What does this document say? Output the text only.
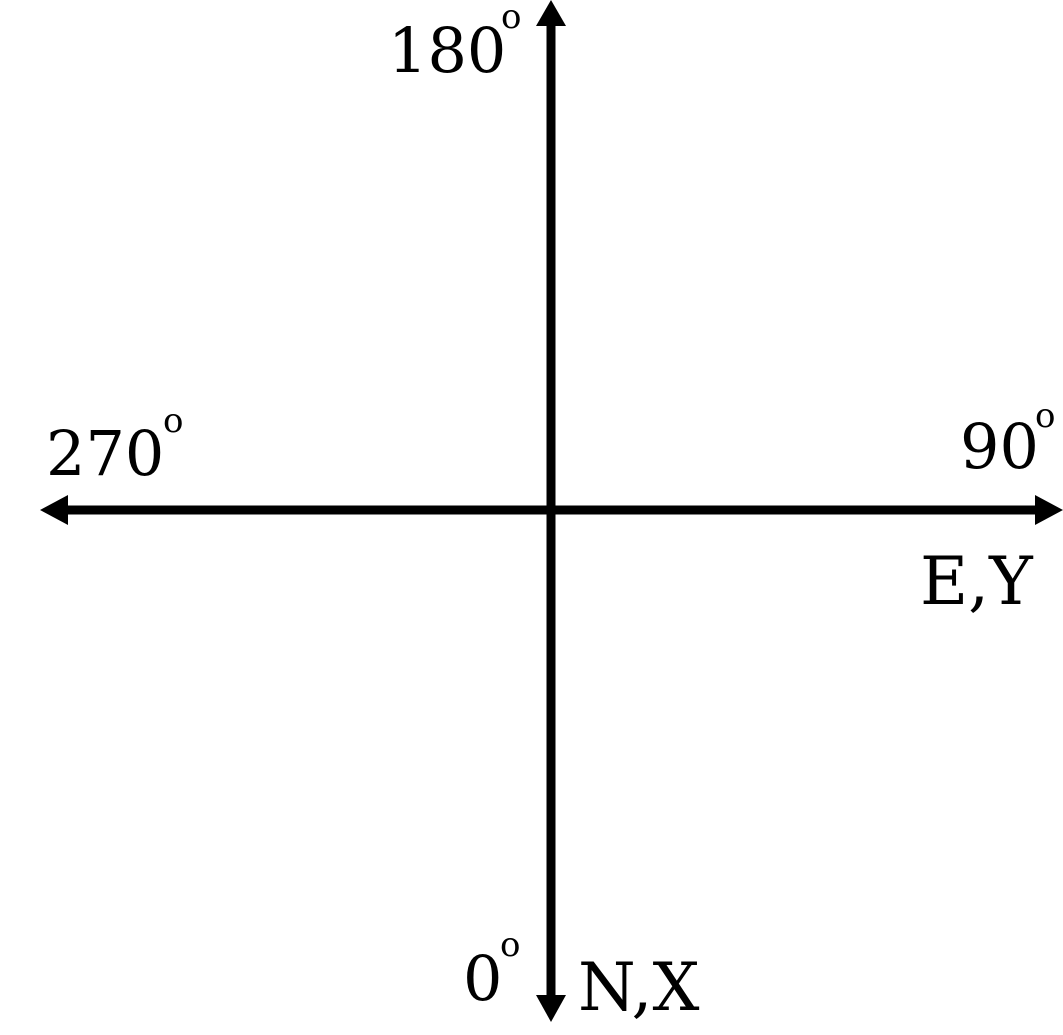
180
o
270
o	90
o
E,Y
0
o
N,X
